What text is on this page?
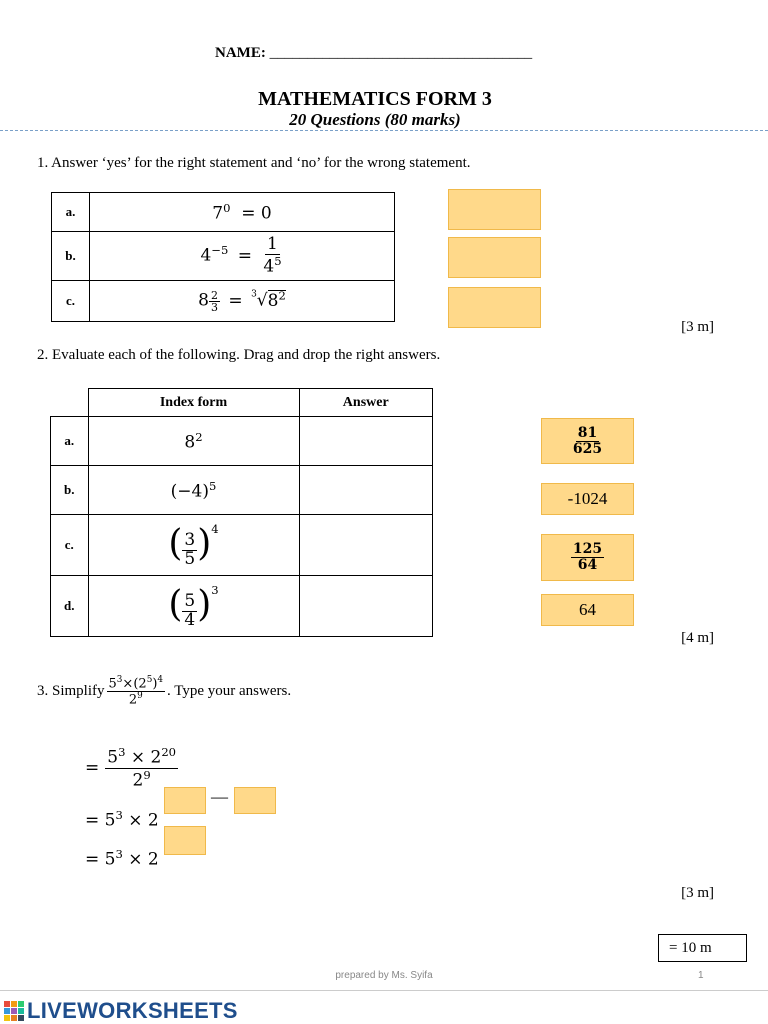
NAME: ___________________________________
MATHEMATICS FORM 3
20 Questions (80 marks)
1. Answer ‘yes’ for the right statement and ‘no’ for the wrong statement.
a.	$7^0 = 0$
b.	$4^{-5} = \frac{1}{4^5}$

c.	$8 \frac{2}{3} = ^3√8^2$
[3 m]
2. Evaluate each of the following. Drag and drop the right answers.
	Index form	Answer
a.	$8^2$	
b.	$(-4)^5$	
c.	( $\frac{3}{5} )^4$	
d.	( $\frac{5}{4} )^3$	
$\frac{81}{625}$
-1024
$\frac{125}{64}$
64
[4 m]
3. Simplify $\frac{5^3\times(2^5)^4}{2^9}$ . Type your answers.
= $\frac{5^3 \times 2^{20}}{2^9}$
—
= $5^3 \times 2$
= $5^3 \times 2$
[3 m]
= 10 m
prepared by Ms. Syifa	1
LIVEWORKSHEETS
